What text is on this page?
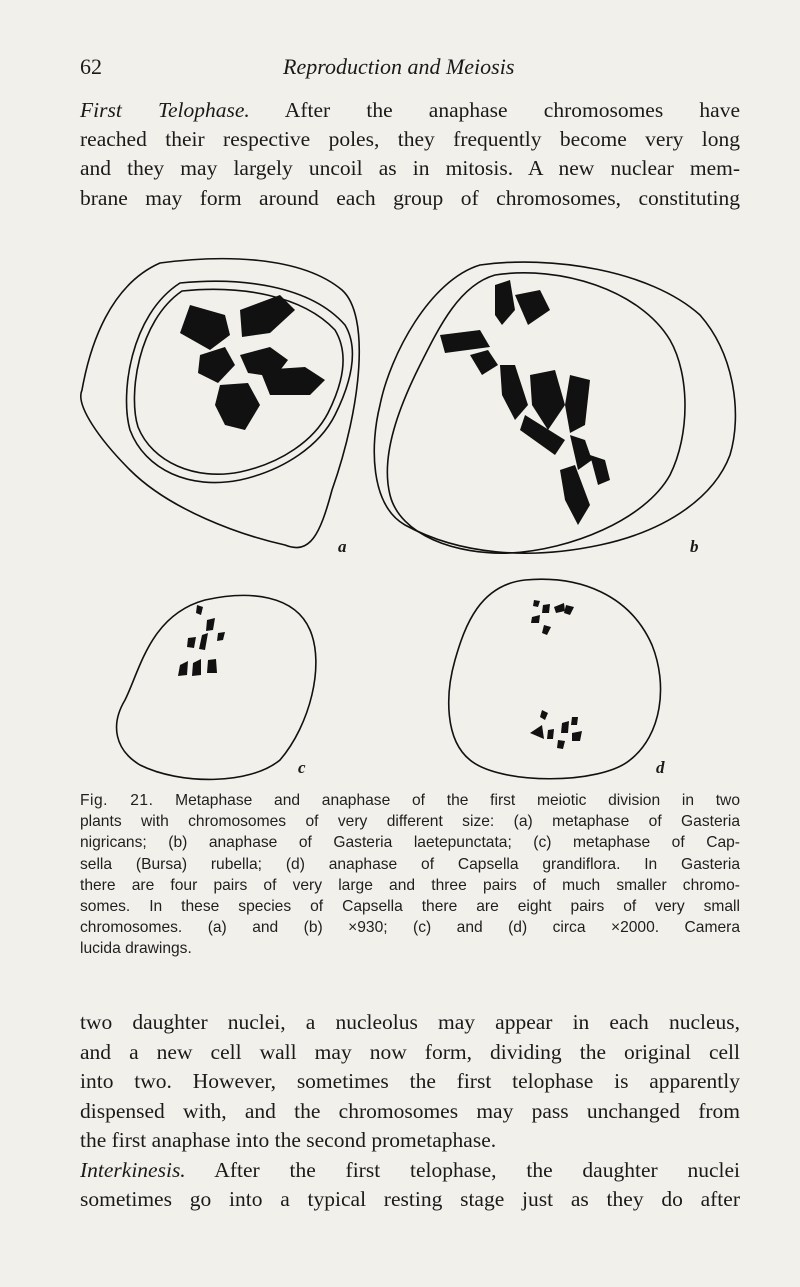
62	Reproduction and Meiosis
First Telophase. After the anaphase chromosomes have
reached their respective poles, they frequently become very long
and they may largely uncoil as in mitosis. A new nuclear mem-
brane may form around each group of chromosomes, constituting
a	b
c	d
Fig. 21. Metaphase and anaphase of the first meiotic division in two
plants with chromosomes of very different size: (a) metaphase of Gasteria
nigricans; (b) anaphase of Gasteria laetepunctata; (c) metaphase of Cap-
sella (Bursa) rubella; (d) anaphase of Capsella grandiflora. In Gasteria
there are four pairs of very large and three pairs of much smaller chromo-
somes. In these species of Capsella there are eight pairs of very small
chromosomes. (a) and (b) ×930; (c) and (d) circa ×2000. Camera
lucida drawings.
two daughter nuclei, a nucleolus may appear in each nucleus,
and a new cell wall may now form, dividing the original cell
into two. However, sometimes the first telophase is apparently
dispensed with, and the chromosomes may pass unchanged from
the first anaphase into the second prometaphase.
Interkinesis. After the first telophase, the daughter nuclei
sometimes go into a typical resting stage just as they do after
